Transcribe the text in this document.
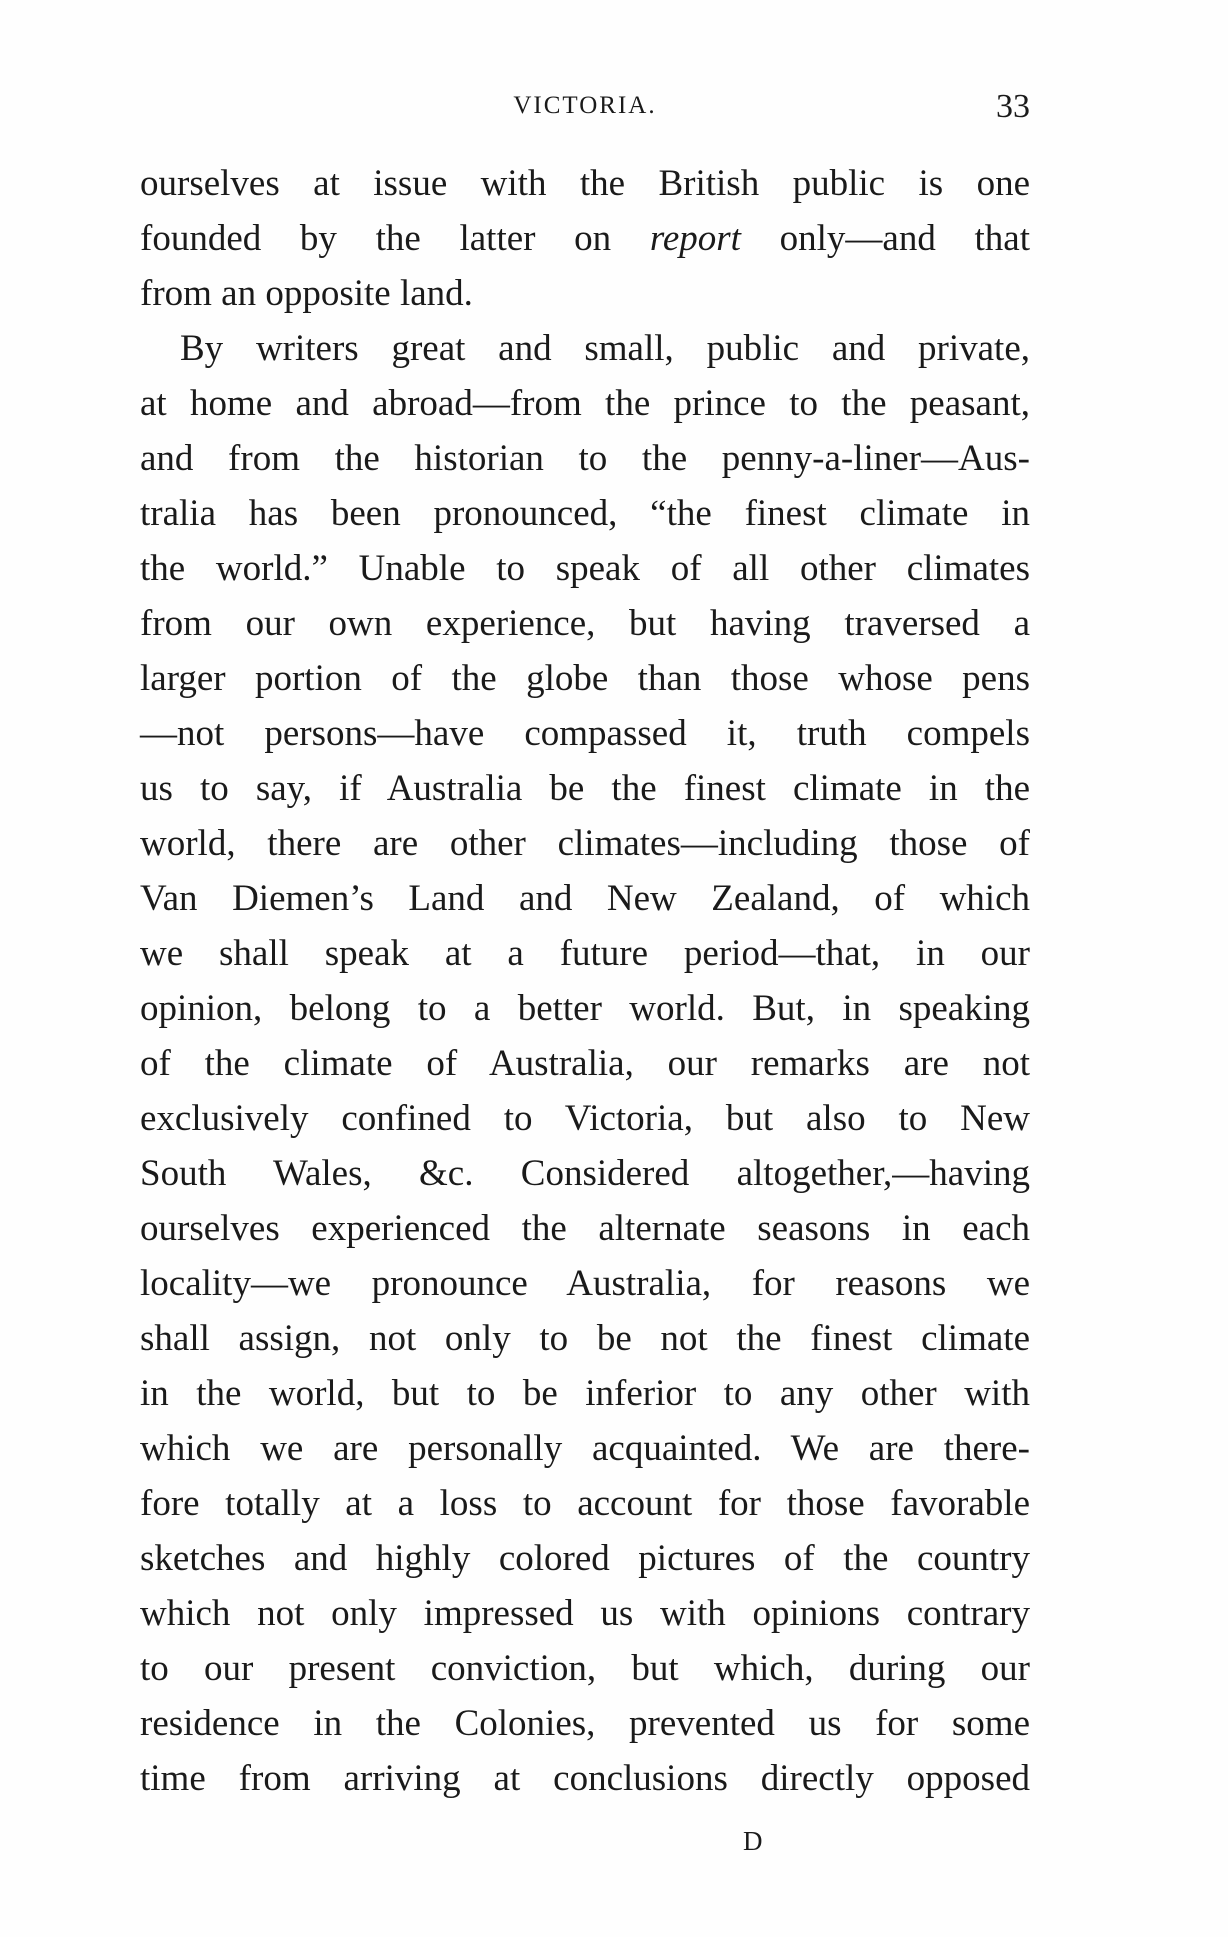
VICTORIA.	33
ourselves at issue with the British public is one
founded by the latter on report only—and that
from an opposite land.
By writers great and small, public and private,
at home and abroad—from the prince to the peasant,
and from the historian to the penny-a-liner—Aus-
tralia has been pronounced, “the finest climate in
the world.” Unable to speak of all other climates
from our own experience, but having traversed a
larger portion of the globe than those whose pens
—not persons—have compassed it, truth compels
us to say, if Australia be the finest climate in the
world, there are other climates—including those of
Van Diemen’s Land and New Zealand, of which
we shall speak at a future period—that, in our
opinion, belong to a better world. But, in speaking
of the climate of Australia, our remarks are not
exclusively confined to Victoria, but also to New
South Wales, &c. Considered altogether,—having
ourselves experienced the alternate seasons in each
locality—we pronounce Australia, for reasons we
shall assign, not only to be not the finest climate
in the world, but to be inferior to any other with
which we are personally acquainted. We are there-
fore totally at a loss to account for those favorable
sketches and highly colored pictures of the country
which not only impressed us with opinions contrary
to our present conviction, but which, during our
residence in the Colonies, prevented us for some
time from arriving at conclusions directly opposed
D
